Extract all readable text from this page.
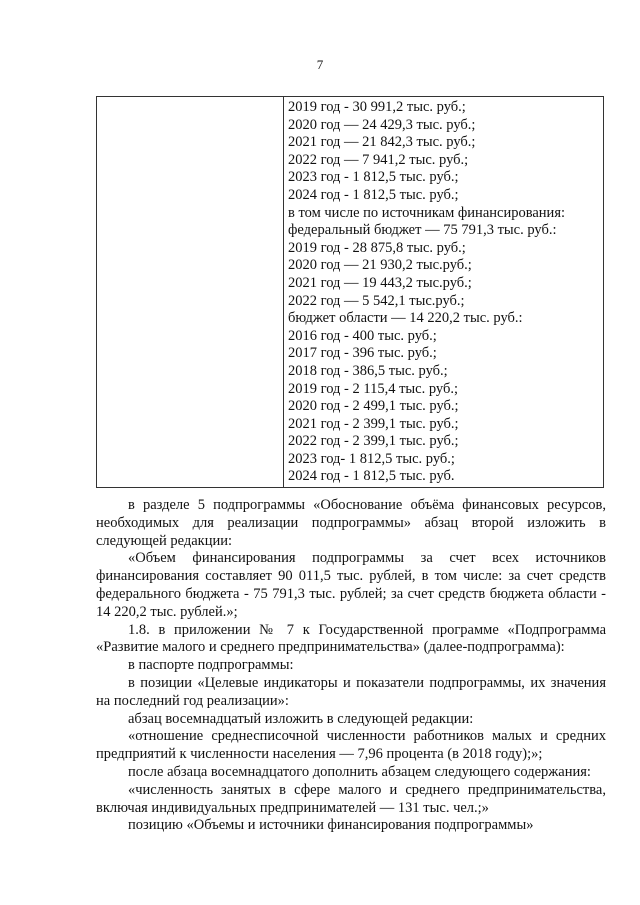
7
2019 год - 30 991,2 тыс. руб.;
2020 год — 24 429,3 тыс. руб.;
2021 год — 21 842,3 тыс. руб.;
2022 год — 7 941,2 тыс. руб.;
2023 год - 1 812,5 тыс. руб.;
2024 год - 1 812,5 тыс. руб.;
в том числе по источникам финансирования:
федеральный бюджет — 75 791,3 тыс. руб.:
2019 год - 28 875,8 тыс. руб.;
2020 год — 21 930,2 тыс.руб.;
2021 год — 19 443,2 тыс.руб.;
2022 год — 5 542,1 тыс.руб.;
бюджет области — 14 220,2 тыс. руб.:
2016 год - 400 тыс. руб.;
2017 год - 396 тыс. руб.;
2018 год - 386,5 тыс. руб.;
2019 год - 2 115,4 тыс. руб.;
2020 год - 2 499,1 тыс. руб.;
2021 год - 2 399,1 тыс. руб.;
2022 год - 2 399,1 тыс. руб.;
2023 год- 1 812,5 тыс. руб.;
2024 год - 1 812,5 тыс. руб.

в разделе 5 подпрограммы «Обоснование объёма финансовых ресурсов, необходимых для реализации подпрограммы» абзац второй изложить в следующей редакции:

«Объем финансирования подпрограммы за счет всех источников финансирования составляет 90 011,5 тыс. рублей, в том числе: за счет средств федерального бюджета - 75 791,3 тыс. рублей; за счет средств бюджета области - 14 220,2 тыс. рублей.»;

1.8. в приложении № 7 к Государственной программе «Подпрограмма «Развитие малого и среднего предпринимательства» (далее-подпрограмма):

в паспорте подпрограммы:

в позиции «Целевые индикаторы и показатели подпрограммы, их значения на последний год реализации»:

абзац восемнадцатый изложить в следующей редакции:

«отношение среднесписочной численности работников малых и средних предприятий к численности населения — 7,96 процента (в 2018 году);»;

после абзаца восемнадцатого дополнить абзацем следующего содержания:

«численность занятых в сфере малого и среднего предпринимательства, включая индивидуальных предпринимателей — 131 тыс. чел.;»

позицию «Объемы и источники финансирования подпрограммы»
